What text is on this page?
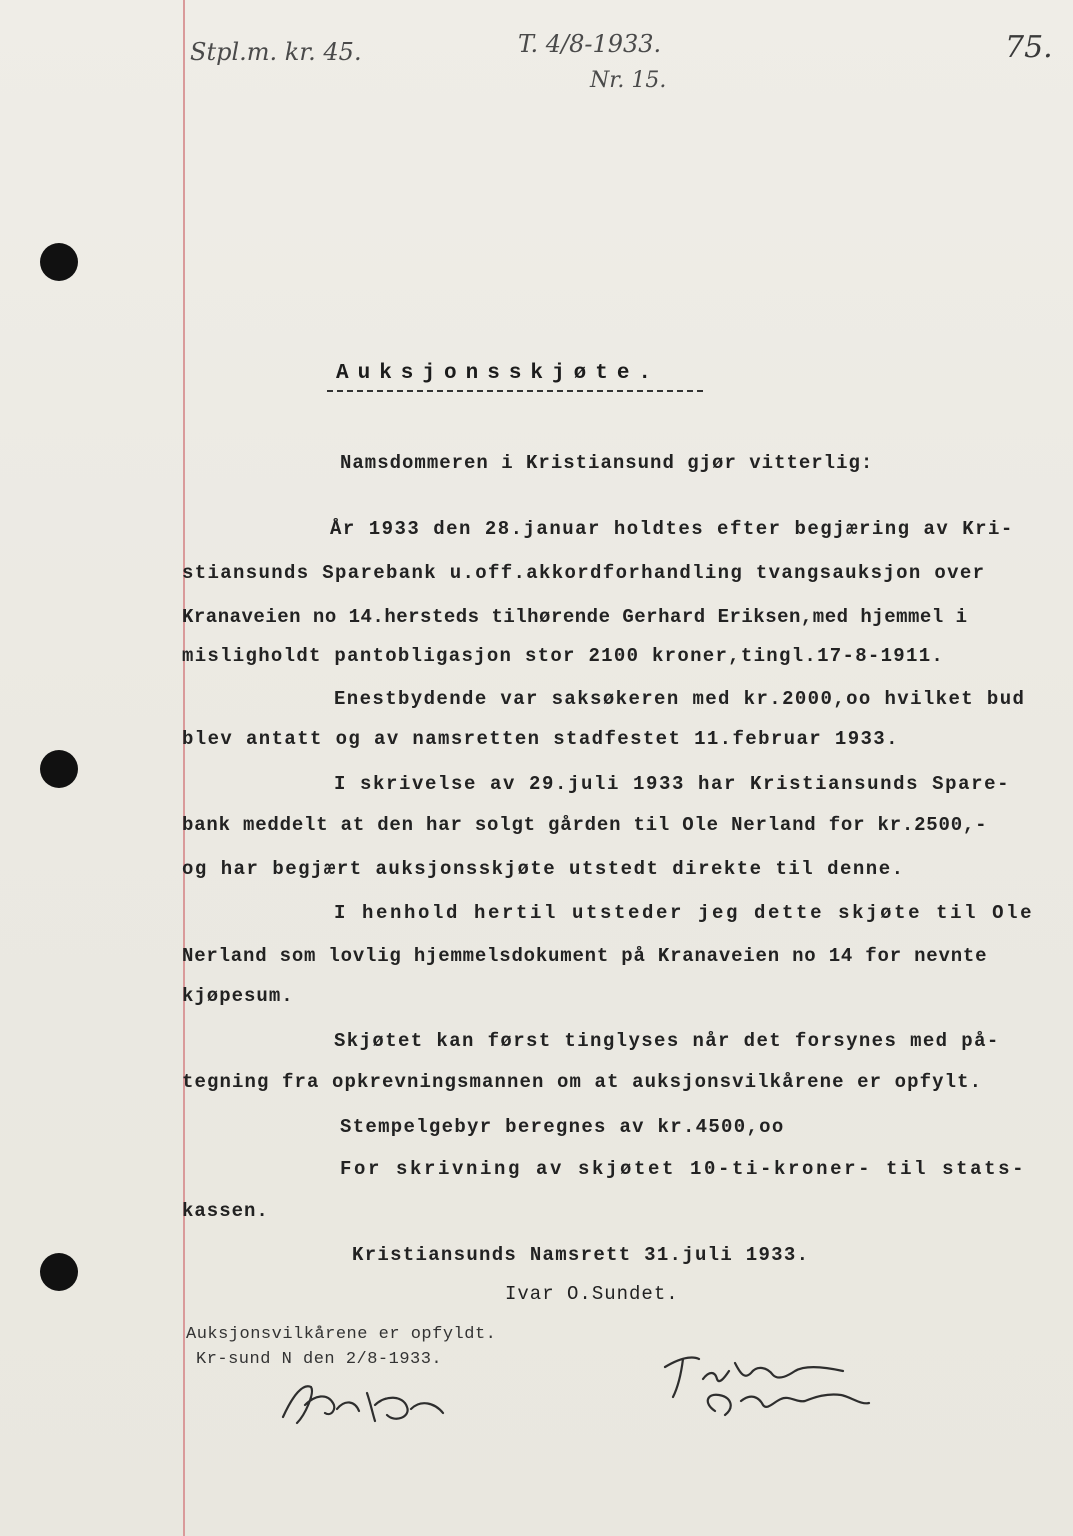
Stpl.m. kr. 45.	T. 4/8-1933.
Nr. 15.
75.
Auksjonsskjøte.
Namsdommeren i Kristiansund gjør vitterlig:
År 1933 den 28.januar holdtes efter begjæring av Kri-
stiansunds Sparebank u.off.akkordforhandling tvangsauksjon over
Kranaveien no 14.hersteds tilhørende Gerhard Eriksen,med hjemmel i
misligholdt pantobligasjon stor 2100 kroner,tingl.17-8-1911.
Enestbydende var saksøkeren med kr.2000,oo hvilket bud
blev antatt og av namsretten stadfestet 11.februar 1933.
I skrivelse av 29.juli 1933 har Kristiansunds Spare-
bank meddelt at den har solgt gården til Ole Nerland for kr.2500,-
og har begjært auksjonsskjøte utstedt direkte til denne.
I henhold hertil utsteder jeg dette skjøte til Ole
Nerland som lovlig hjemmelsdokument på Kranaveien no 14 for nevnte
kjøpesum.
Skjøtet kan først tinglyses når det forsynes med på-
tegning fra opkrevningsmannen om at auksjonsvilkårene er opfylt.
Stempelgebyr beregnes av kr.4500,oo
For skrivning av skjøtet 10-ti-kroner- til stats-
kassen.
Kristiansunds Namsrett 31.juli 1933.
Ivar O.Sundet.
Auksjonsvilkårene er opfyldt.
Kr-sund N den 2/8-1933.
